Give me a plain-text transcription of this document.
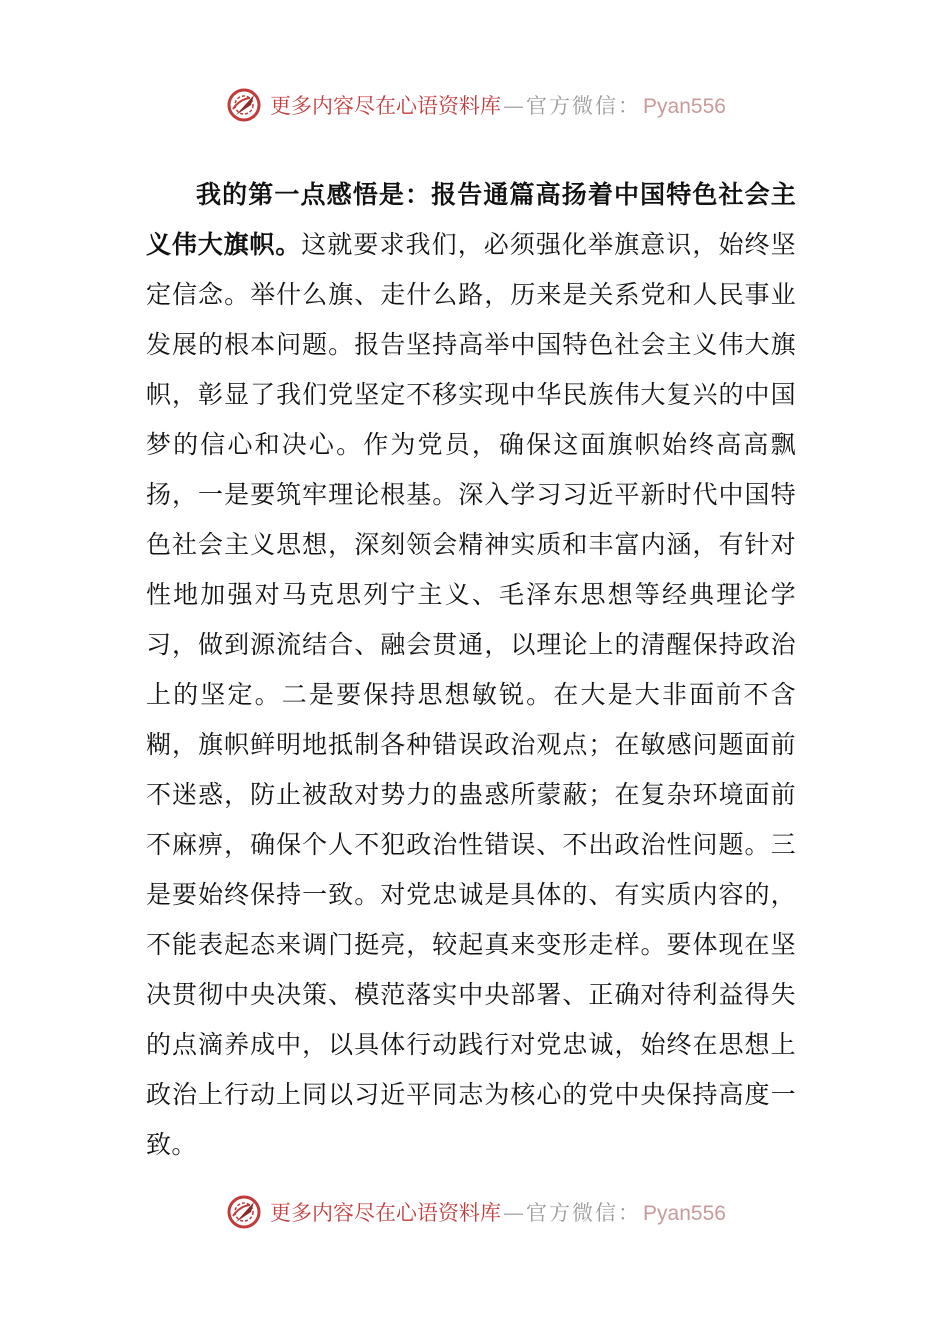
更多内容尽在心语资料库 — 官方微信： Pyan556

我的第一点感悟是：报告通篇高扬着中国特色社会主义伟大旗帜。这就要求我们，必须强化举旗意识，始终坚定信念。举什么旗、走什么路，历来是关系党和人民事业发展的根本问题。报告坚持高举中国特色社会主义伟大旗帜，彰显了我们党坚定不移实现中华民族伟大复兴的中国梦的信心和决心。作为党员，确保这面旗帜始终高高飘扬，一是要筑牢理论根基。深入学习习近平新时代中国特色社会主义思想，深刻领会精神实质和丰富内涵，有针对性地加强对马克思列宁主义、毛泽东思想等经典理论学习，做到源流结合、融会贯通，以理论上的清醒保持政治上的坚定。二是要保持思想敏锐。在大是大非面前不含糊，旗帜鲜明地抵制各种错误政治观点；在敏感问题面前不迷惑，防止被敌对势力的蛊惑所蒙蔽；在复杂环境面前不麻痹，确保个人不犯政治性错误、不出政治性问题。三是要始终保持一致。对党忠诚是具体的、有实质内容的，不能表起态来调门挺亮，较起真来变形走样。要体现在坚决贯彻中央决策、模范落实中央部署、正确对待利益得失的点滴养成中，以具体行动践行对党忠诚，始终在思想上政治上行动上同以习近平同志为核心的党中央保持高度一致。

更多内容尽在心语资料库 — 官方微信： Pyan556
